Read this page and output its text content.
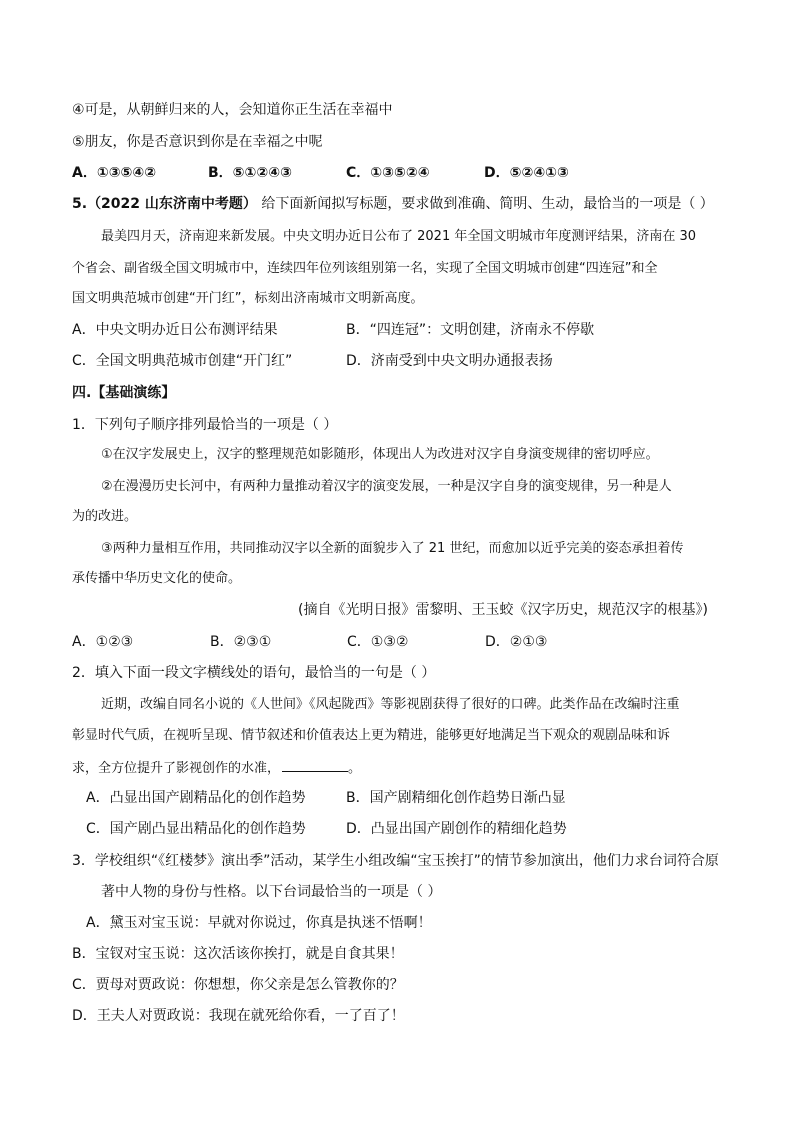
④可是，从朝鲜归来的人，会知道你正生活在幸福中
⑤朋友，你是否意识到你是在幸福之中呢
A．①③⑤④②	B．⑤①②④③	C．①③⑤②④	D．⑤②④①③
5.（2022 山东济南中考题） 给下面新闻拟写标题，要求做到准确、简明、生动，最恰当的一项是（ ）
最美四月天，济南迎来新发展。中央文明办近日公布了 2021 年全国文明城市年度测评结果，济南在 30
个省会、副省级全国文明城市中，连续四年位列该组别第一名，实现了全国文明城市创建“四连冠”和全
国文明典范城市创建“开门红”，标刻出济南城市文明新高度。
A．中央文明办近日公布测评结果	B．“四连冠”：文明创建，济南永不停歇
C．全国文明典范城市创建“开门红”	D．济南受到中央文明办通报表扬
四.【基础演练】
1．下列句子顺序排列最恰当的一项是（ ）
①在汉字发展史上，汉字的整理规范如影随形，体现出人为改进对汉字自身演变规律的密切呼应。
②在漫漫历史长河中，有两种力量推动着汉字的演变发展，一种是汉字自身的演变规律，另一种是人
为的改进。
③两种力量相互作用，共同推动汉字以全新的面貌步入了 21 世纪，而愈加以近乎完美的姿态承担着传
承传播中华历史文化的使命。
(摘自《光明日报》雷黎明、王玉蛟《汉字历史，规范汉字的根基》)
A．①②③	B．②③①	C．①③②	D．②①③
2．填入下面一段文字横线处的语句，最恰当的一句是（ ）
近期，改编自同名小说的《人世间》《风起陇西》等影视剧获得了很好的口碑。此类作品在改编时注重
彰显时代气质，在视听呈现、情节叙述和价值表达上更为精进，能够更好地满足当下观众的观剧品味和诉
求，全方位提升了影视创作的水准，	。
A．凸显出国产剧精品化的创作趋势	B．国产剧精细化创作趋势日渐凸显
C．国产剧凸显出精品化的创作趋势	D．凸显出国产剧创作的精细化趋势
3．学校组织“《红楼梦》演出季”活动，某学生小组改编“宝玉挨打”的情节参加演出，他们力求台词符合原
著中人物的身份与性格。以下台词最恰当的一项是（ ）
A．黛玉对宝玉说：早就对你说过，你真是执迷不悟啊！
B．宝钗对宝玉说：这次活该你挨打，就是自食其果！
C．贾母对贾政说：你想想，你父亲是怎么管教你的？
D．王夫人对贾政说：我现在就死给你看，一了百了！
